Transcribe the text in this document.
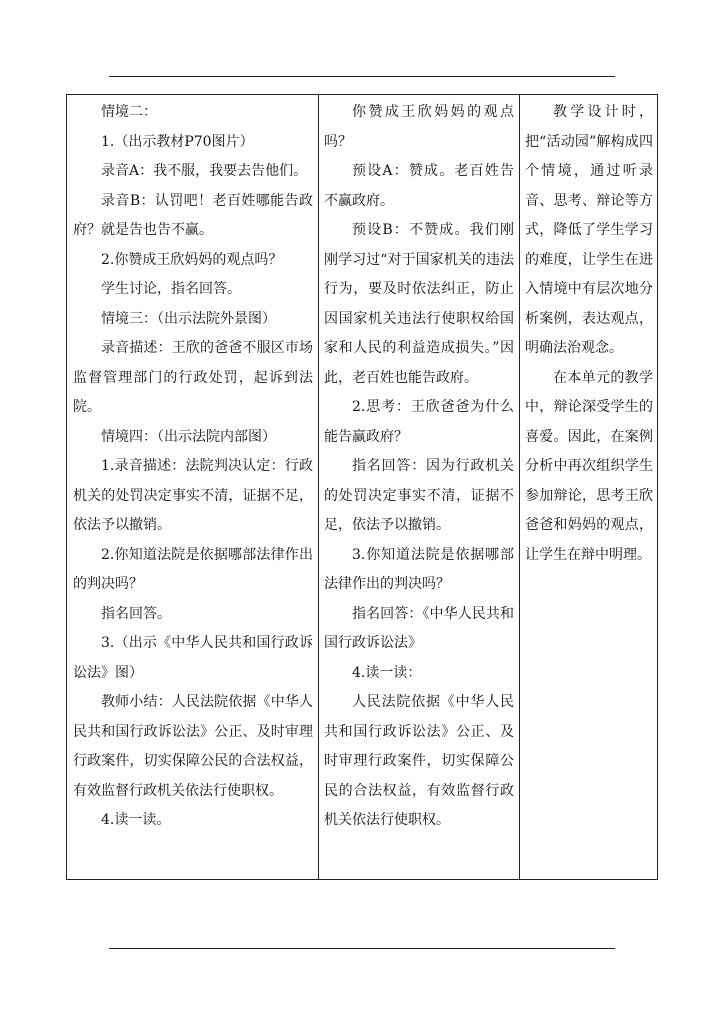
情境二：

1.（出示教材P70图片）

录音A：我不服，我要去告他们。

录音B：认罚吧！老百姓哪能告政府？就是告也告不赢。

2.你赞成王欣妈妈的观点吗？

学生讨论，指名回答。

情境三：（出示法院外景图）

录音描述：王欣的爸爸不服区市场监督管理部门的行政处罚，起诉到法院。

情境四：（出示法院内部图）

1.录音描述：法院判决认定：行政机关的处罚决定事实不清，证据不足，依法予以撤销。

2.你知道法院是依据哪部法律作出的判决吗？

指名回答。

3.（出示《中华人民共和国行政诉讼法》图）

教师小结：人民法院依据《中华人民共和国行政诉讼法》公正、及时审理行政案件，切实保障公民的合法权益，有效监督行政机关依法行使职权。

4.读一读。

你赞成王欣妈妈的观点吗？

预设A：赞成。老百姓告不赢政府。

预设B：不赞成。我们刚刚学习过“对于国家机关的违法行为，要及时依法纠正，防止因国家机关违法行使职权给国家和人民的利益造成损失。”因此，老百姓也能告政府。

2.思考：王欣爸爸为什么能告赢政府？

指名回答：因为行政机关的处罚决定事实不清，证据不足，依法予以撤销。

3.你知道法院是依据哪部法律作出的判决吗？

指名回答：《中华人民共和国行政诉讼法》

4.读一读：

人民法院依据《中华人民共和国行政诉讼法》公正、及时审理行政案件，切实保障公民的合法权益，有效监督行政机关依法行使职权。

教学设计时，把“活动园”解构成四个情境，通过听录音、思考、辩论等方式，降低了学生学习的难度，让学生在进入情境中有层次地分析案例，表达观点，明确法治观念。

在本单元的教学中，辩论深受学生的喜爱。因此，在案例分析中再次组织学生参加辩论，思考王欣爸爸和妈妈的观点，让学生在辩中明理。
